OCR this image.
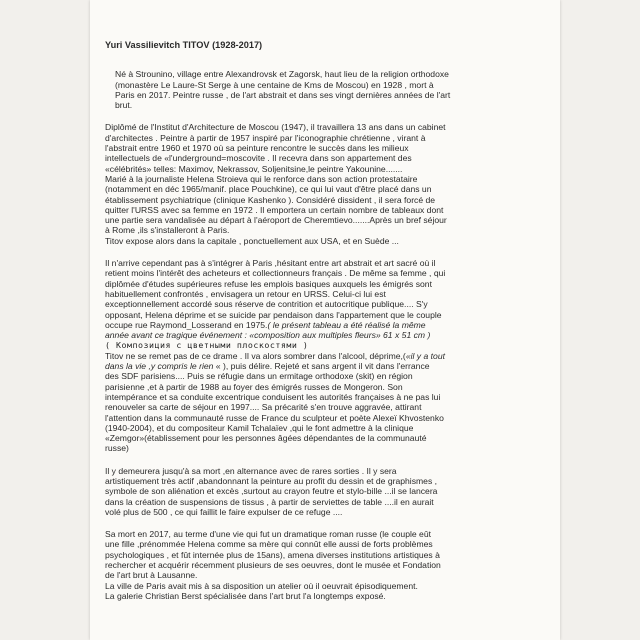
Yuri Vassilievitch TITOV (1928-2017)
Né à Strounino, village entre Alexandrovsk et Zagorsk, haut lieu de la religion orthodoxe
(monastère Le Laure-St Serge à une centaine de Kms de Moscou) en 1928 , mort à
Paris en 2017. Peintre russe , de l'art abstrait et dans ses vingt dernières années de l'art
brut.
Diplômé de l'Institut d'Architecture de Moscou (1947), il travaillera 13 ans dans un cabinet
d'architectes . Peintre à partir de 1957 inspiré par l'iconographie chrétienne , virant à
l'abstrait entre 1960 et 1970 où sa peinture rencontre le succès dans les milieux
intellectuels de «l'underground=moscovite . Il recevra dans son appartement des
«célébrités» telles: Maximov, Nekrassov, Soljenitsine,le peintre Yakounine.......
Marié à la journaliste Helena Stroieva qui le renforce dans son action protestataire
(notamment en déc 1965/manif. place Pouchkine), ce qui lui vaut d'être placé dans un
établissement psychiatrique (clinique Kashenko ). Considéré dissident , il sera forcé de
quitter l'URSS avec sa femme en 1972 . Il emportera un certain nombre de tableaux dont
une partie sera vandalisée au départ à l'aéroport de Cheremtievo.......Après un bref séjour
à Rome ,ils s'installeront à Paris.
Titov expose alors dans la capitale , ponctuellement aux USA, et en Suède ...
Il n'arrive cependant pas à s'intégrer à Paris ,hésitant entre art abstrait et art sacré où il
retient moins l'intérêt des acheteurs et collectionneurs français . De même sa femme , qui
diplômée d'études supérieures refuse les emplois basiques auxquels les émigrés sont
habituellement confrontés , envisagera un retour en URSS. Celui-ci lui est
exceptionnellement accordé sous réserve de contrition et autocritique publique.... S'y
opposant, Helena déprime et se suicide par pendaison dans l'appartement que le couple
occupe rue Raymond_Losserand en 1975.( le présent tableau a été réalisé la même
année avant ce tragique événement : «composition aux multiples fleurs» 61 x 51 cm )
( Композиция с цветными плоскостями )
Titov ne se remet pas de ce drame . Il va alors sombrer dans l'alcool, déprime,(«il y a tout
dans la vie ,y compris le rien « ), puis délire. Rejeté et sans argent il vit dans l'errance
des SDF parisiens.... Puis se réfugie dans un ermitage orthodoxe (skit) en région
parisienne ,et à partir de 1988 au foyer des émigrés russes de Mongeron. Son
intempérance et sa conduite excentrique conduisent les autorités françaises à ne pas lui
renouveler sa carte de séjour en 1997.... Sa précarité s'en trouve aggravée, attirant
l'attention dans la communauté russe de France du sculpteur et poète Alexeï Khvostenko
(1940-2004), et du compositeur Kamil Tchalaïev ,qui le font admettre à la clinique
«Zemgor»(établissement pour les personnes âgées dépendantes de la communauté
russe)
Il y demeurera jusqu'à sa mort ,en alternance avec de rares sorties . Il y sera
artistiquement très actif ,abandonnant la peinture au profit du dessin et de graphismes ,
symbole de son aliénation et excès ,surtout au crayon feutre et stylo-bille ...il se lancera
dans la création de suspensions de tissus , à partir de serviettes de table ....il en aurait
volé plus de 500 , ce qui faillit le faire expulser de ce refuge ....
Sa mort en 2017, au terme d'une vie qui fut un dramatique roman russe (le couple eût
une fille ,prénommée Helena comme sa mère qui connût elle aussi de forts problèmes
psychologiques , et fût internée plus de 15ans), amena diverses institutions artistiques à
rechercher et acquérir récemment plusieurs de ses oeuvres, dont le musée et Fondation
de l'art brut à Lausanne.
La ville de Paris avait mis à sa disposition un atelier où il oeuvrait épisodiquement.
La galerie Christian Berst spécialisée dans l'art brut l'a longtemps exposé.
